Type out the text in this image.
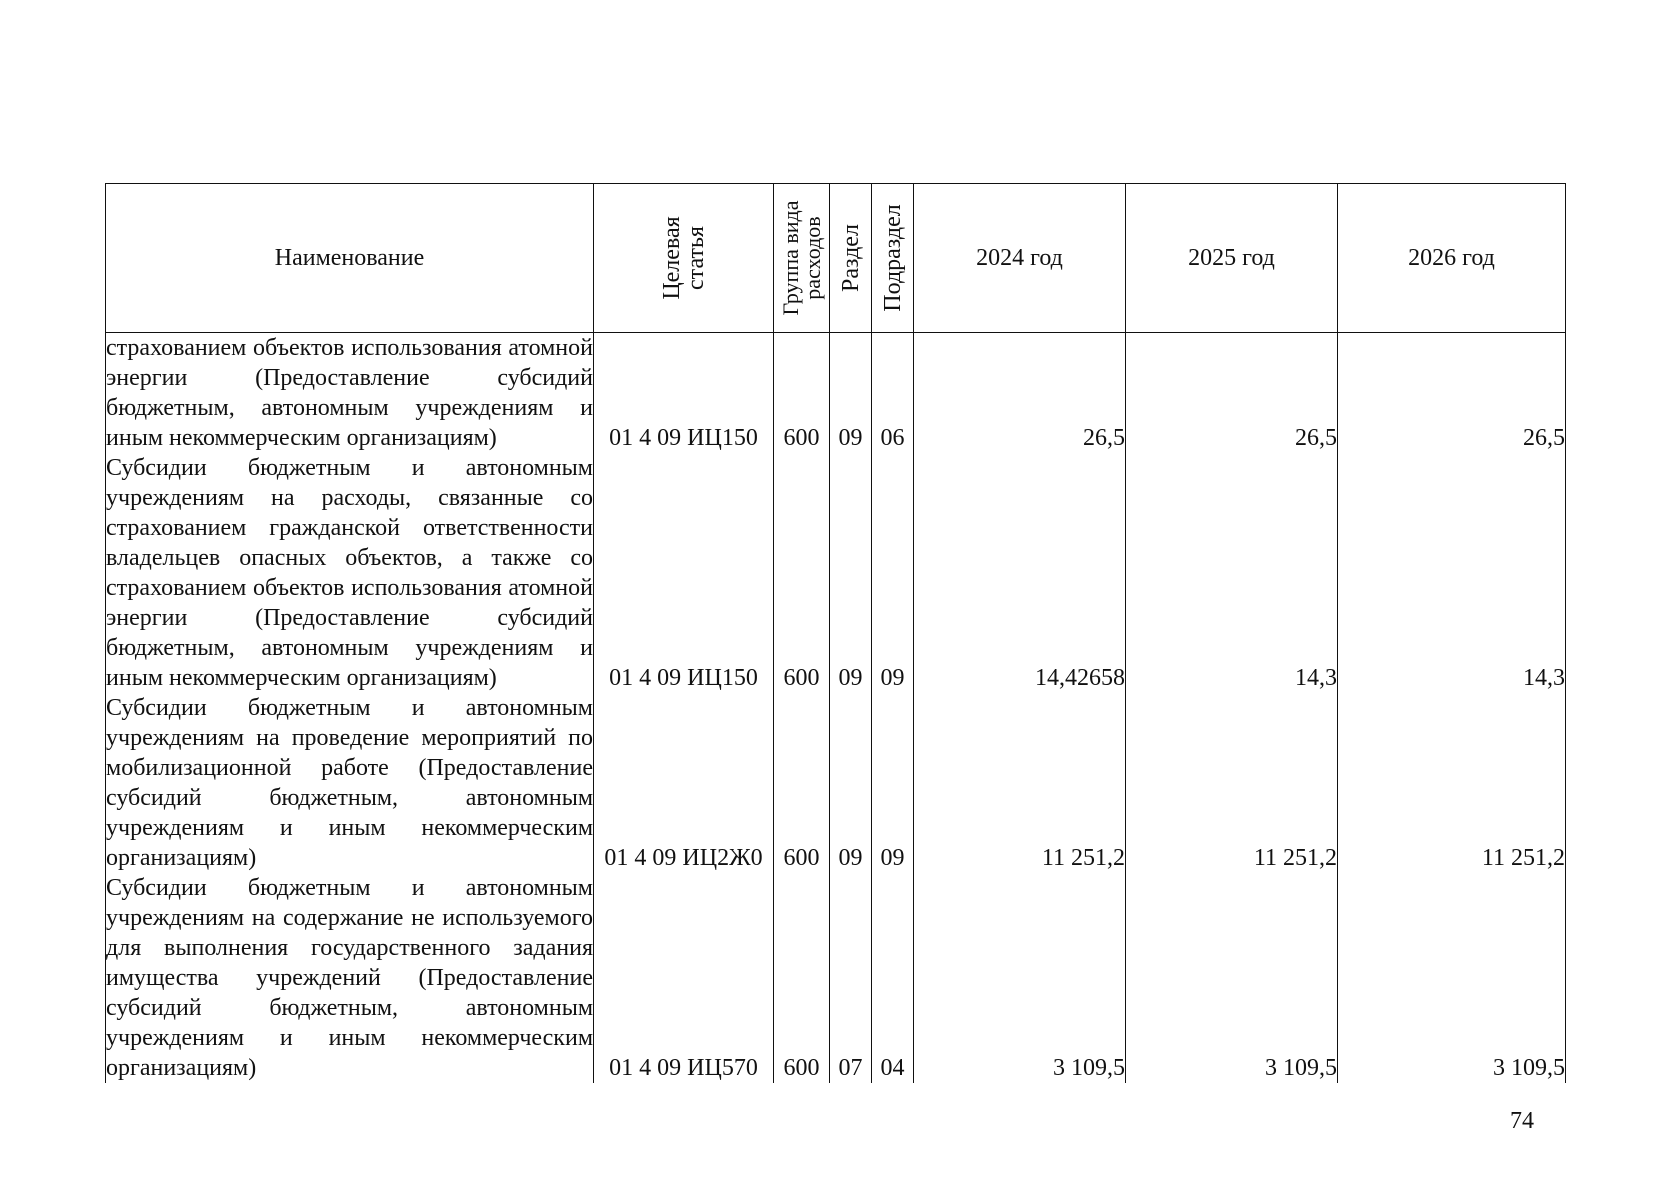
Наименование	Целевая статья	Группа вида расходов	Раздел	Подраздел	2024 год	2025 год	2026 год
страхованием объектов использования атомной энергии (Предоставление субсидий бюджетным, автономным учреждениям и иным некоммерческим организациям)	01 4 09 ИЦ150	600	09	06	26,5	26,5	26,5
Субсидии бюджетным и автономным учреждениям на расходы, связанные со страхованием гражданской ответственности владельцев опасных объектов, а также со страхованием объектов использования атомной энергии (Предоставление субсидий бюджетным, автономным учреждениям и иным некоммерческим организациям)	01 4 09 ИЦ150	600	09	09	14,42658	14,3	14,3
Субсидии бюджетным и автономным учреждениям на проведение мероприятий по мобилизационной работе (Предоставление субсидий бюджетным, автономным учреждениям и иным некоммерческим организациям)	01 4 09 ИЦ2Ж0	600	09	09	11 251,2	11 251,2	11 251,2
Субсидии бюджетным и автономным учреждениям на содержание не используемого для выполнения государственного задания имущества учреждений (Предоставление субсидий бюджетным, автономным учреждениям и иным некоммерческим организациям)	01 4 09 ИЦ570	600	07	04	3 109,5	3 109,5	3 109,5
74
